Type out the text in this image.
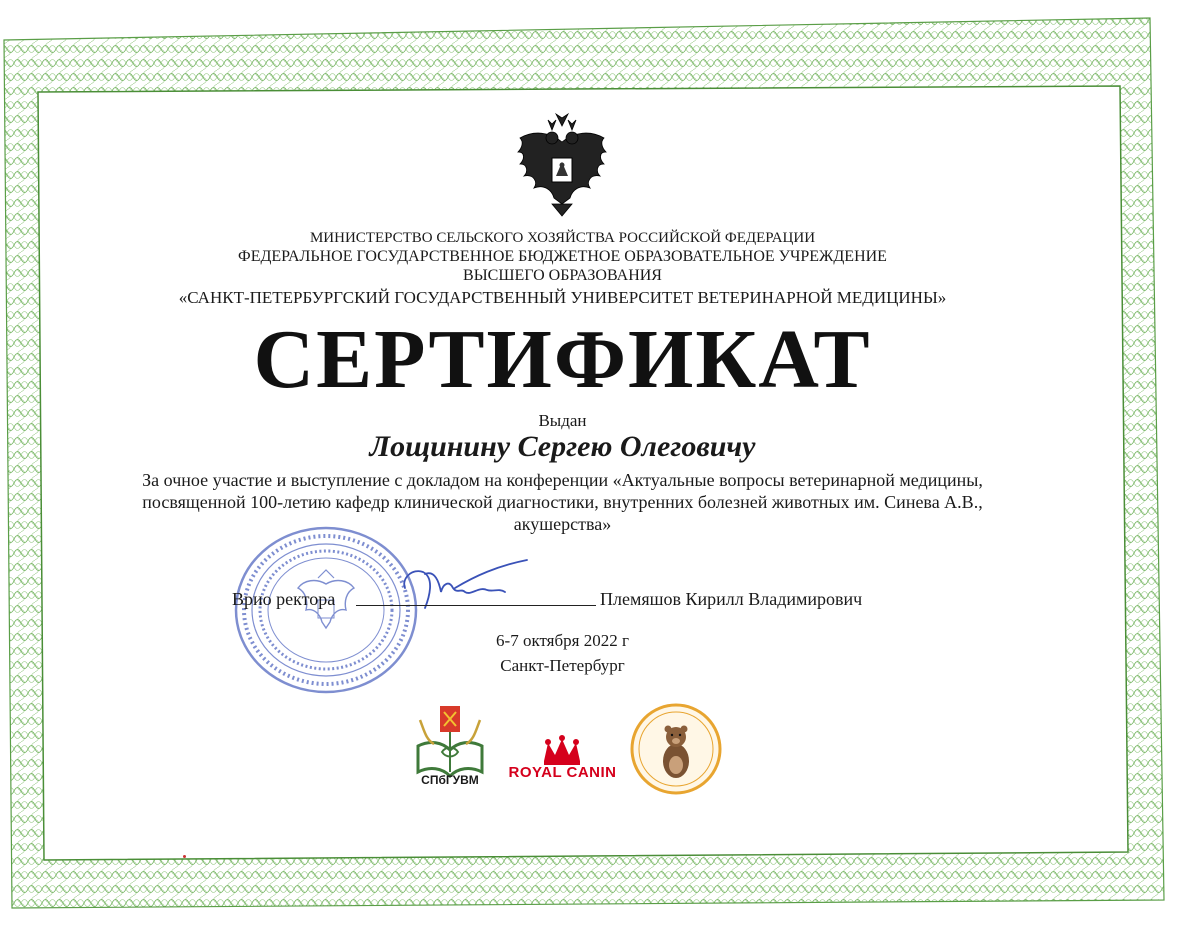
МИНИСТЕРСТВО СЕЛЬСКОГО ХОЗЯЙСТВА РОССИЙСКОЙ ФЕДЕРАЦИИ
ФЕДЕРАЛЬНОЕ ГОСУДАРСТВЕННОЕ БЮДЖЕТНОЕ ОБРАЗОВАТЕЛЬНОЕ УЧРЕЖДЕНИЕ
ВЫСШЕГО ОБРАЗОВАНИЯ
«САНКТ-ПЕТЕРБУРГСКИЙ ГОСУДАРСТВЕННЫЙ УНИВЕРСИТЕТ ВЕТЕРИНАРНОЙ МЕДИЦИНЫ»
СЕРТИФИКАТ
Выдан
Лощинину Сергею Олеговичу
За очное участие и выступление с докладом на конференции «Актуальные вопросы ветеринарной медицины,
посвященной 100-летию кафедр клинической диагностики, внутренних болезней животных им. Синева А.В.,
акушерства»
Врио ректора	Племяшов Кирилл Владимирович
6-7 октября 2022 г
Санкт-Петербург
СПбГУВМ	ROYAL CANIN
